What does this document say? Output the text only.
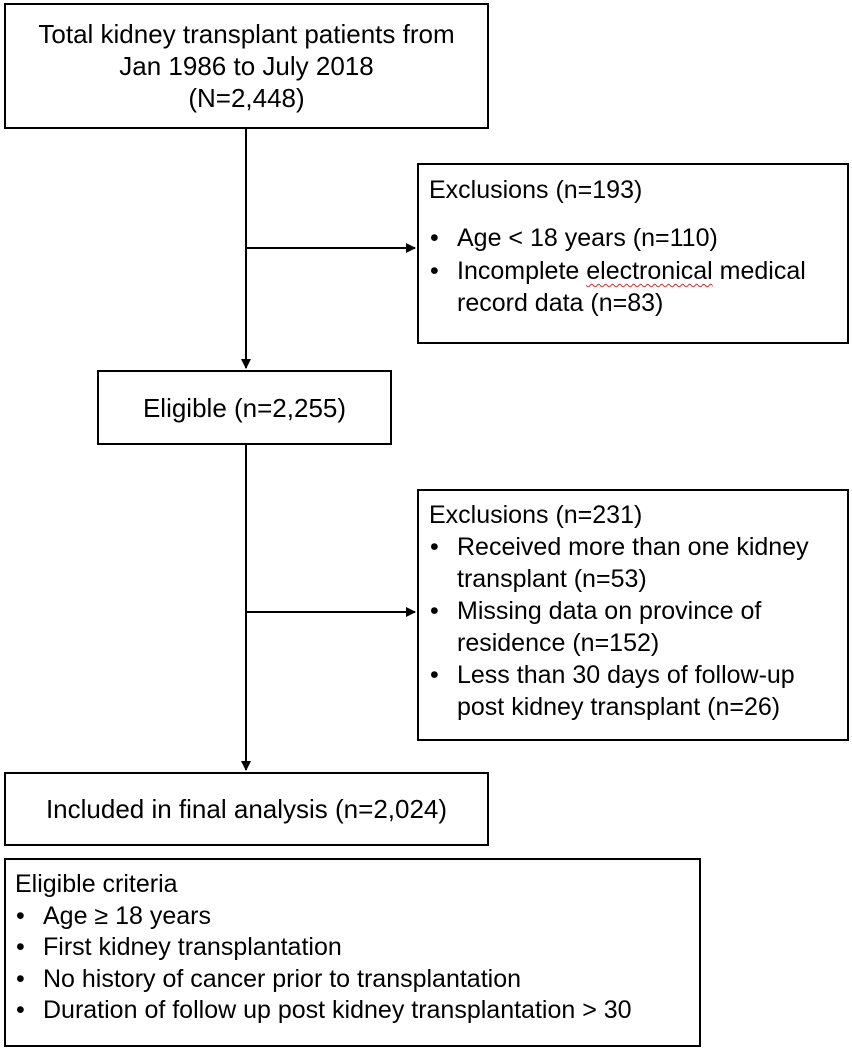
Total kidney transplant patients from
Jan 1986 to July 2018
(N=2,448)
Exclusions (n=193)
• Age < 18 years (n=110)
• Incomplete electronical medical record data (n=83)
Eligible (n=2,255)
Exclusions (n=231)
• Received more than one kidney transplant (n=53)
• Missing data on province of residence (n=152)
• Less than 30 days of follow-up post kidney transplant (n=26)
Included in final analysis (n=2,024)
Eligible criteria
• Age ≥ 18 years
• First kidney transplantation
• No history of cancer prior to transplantation
• Duration of follow up post kidney transplantation > 30
